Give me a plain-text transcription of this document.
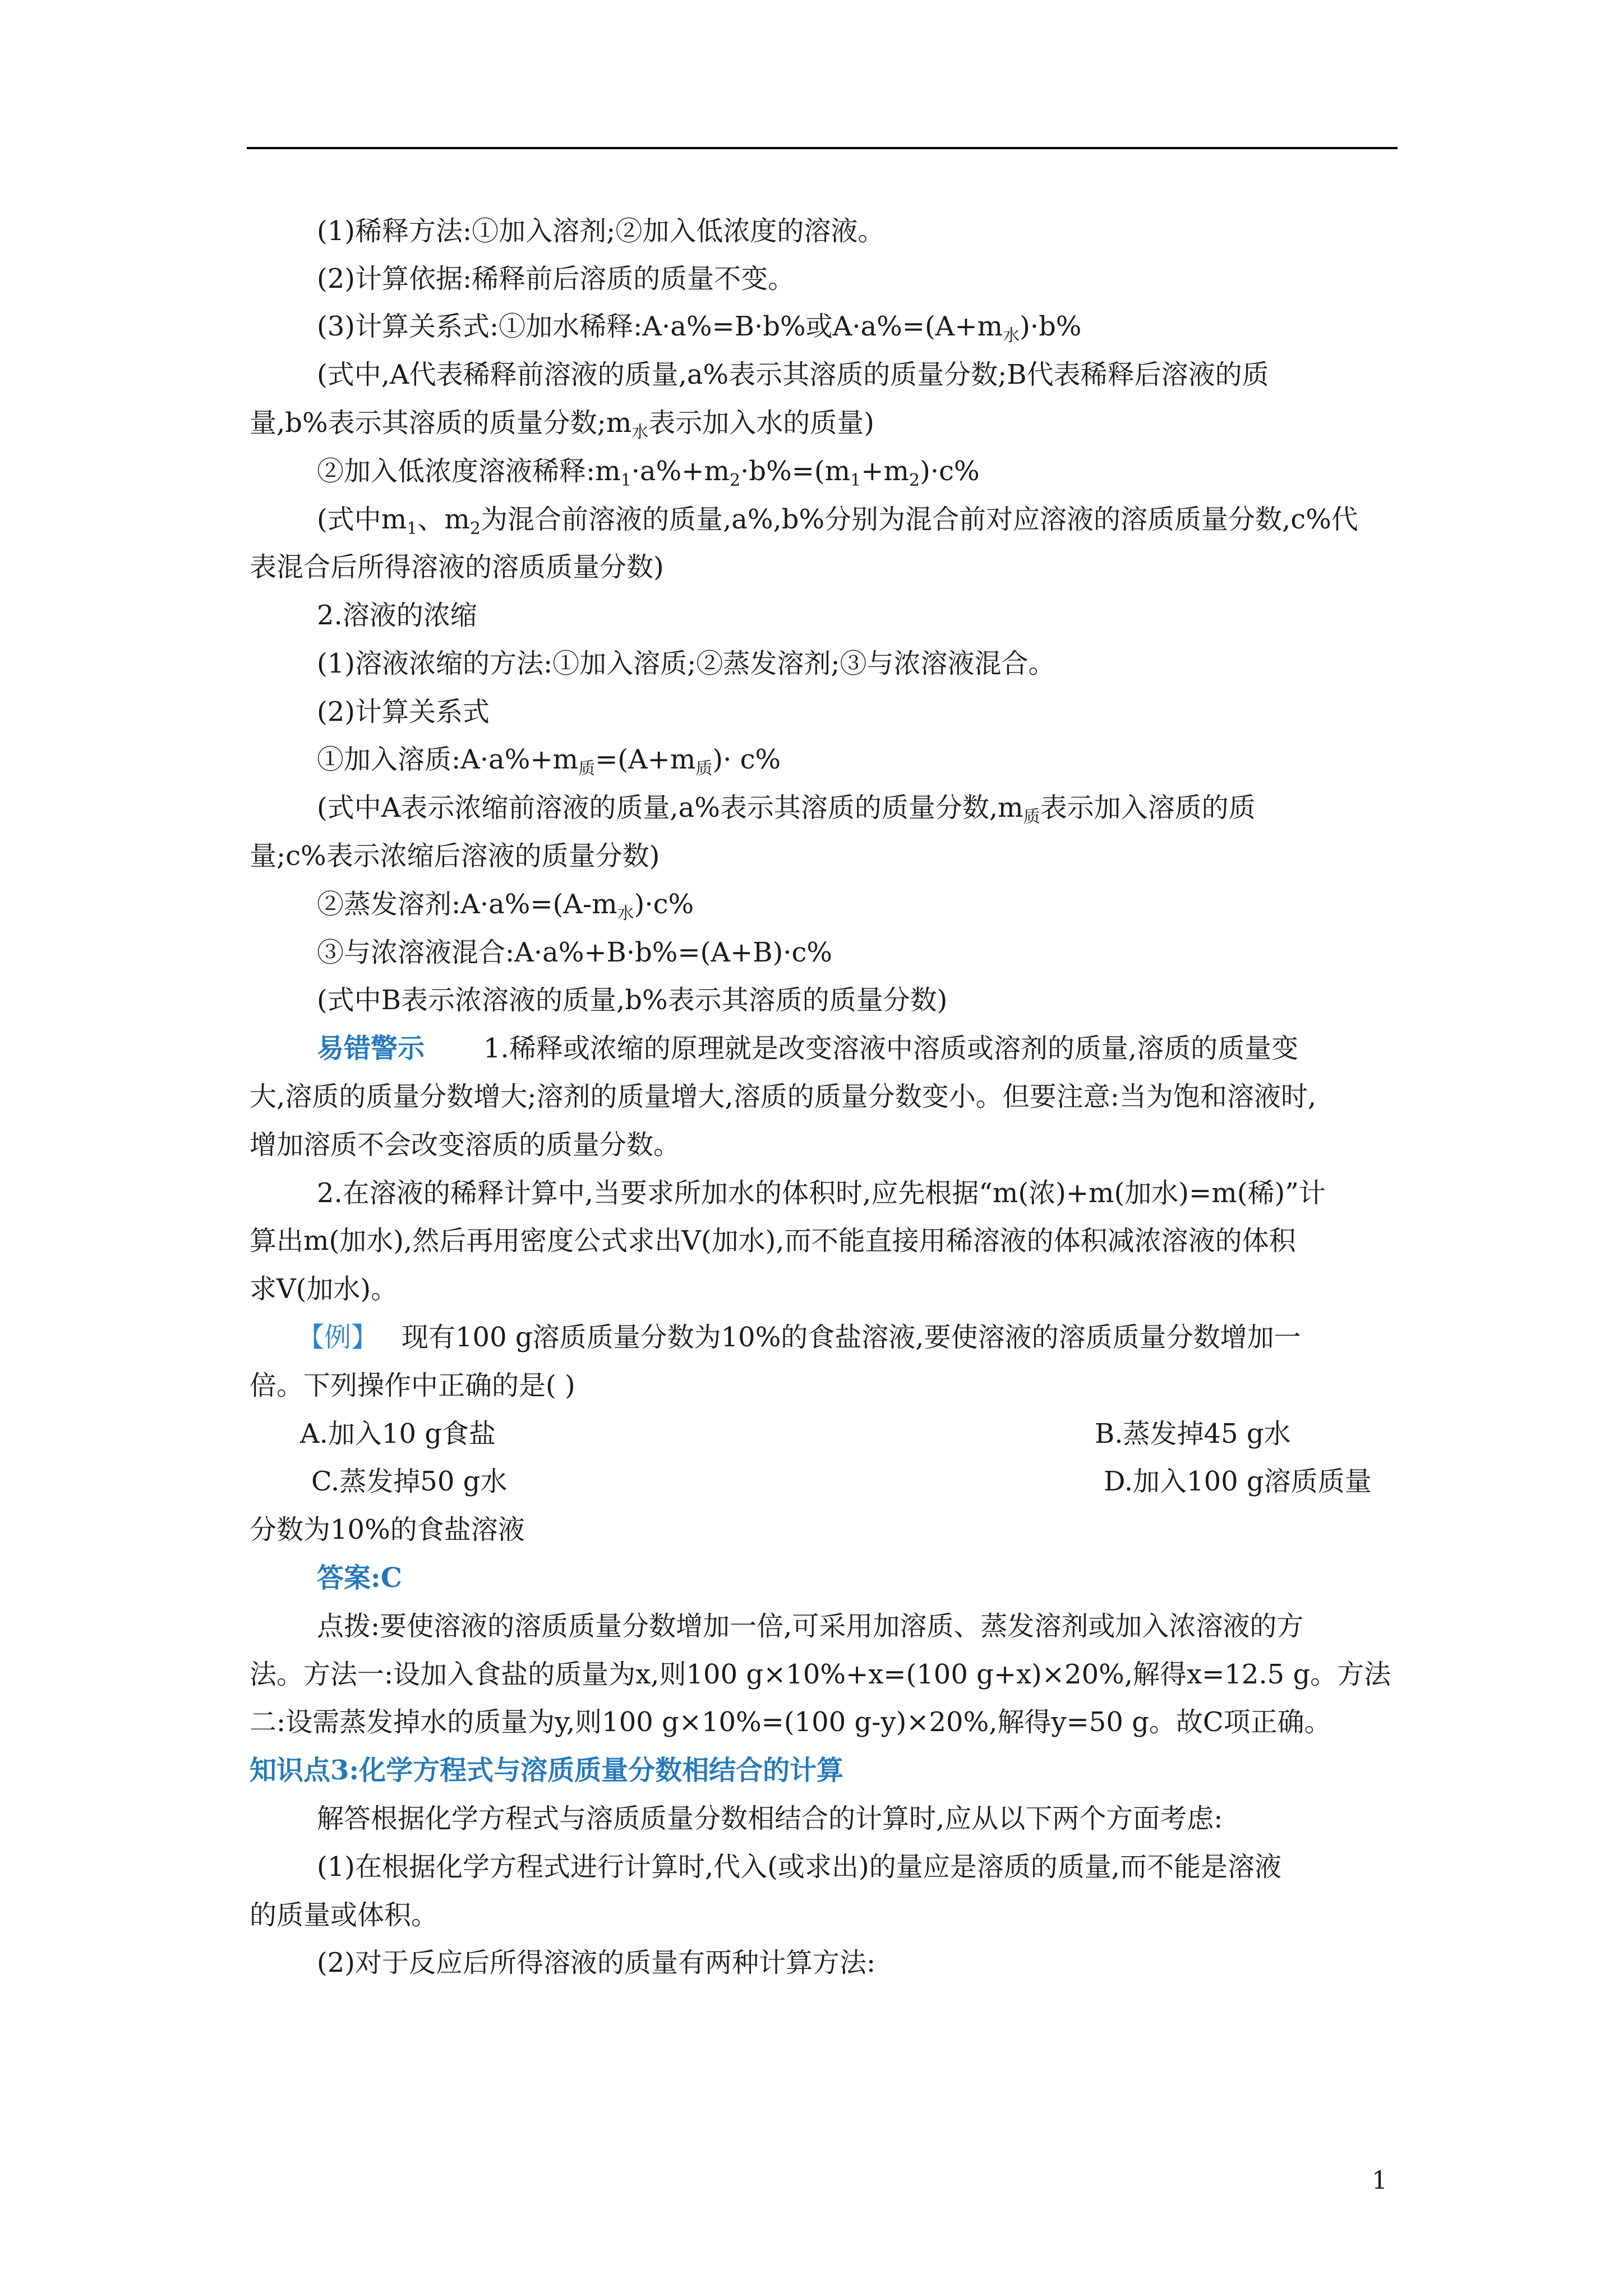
(1)稀释方法:①加入溶剂;②加入低浓度的溶液。
(2)计算依据:稀释前后溶质的质量不变。
(3)计算关系式:①加水稀释:A·a%=B·b%或$A\cdot a\%=(A+m_水)\cdot b\%$
(式中,A代表稀释前溶液的质量,a%表示其溶质的质量分数;B代表稀释后溶液的质
量,b%表示其溶质的质量分数$;m_水$表示加入水的质量)
②加入低浓度溶液稀释$:m_1\cdot a\%+m_2\cdot b\%=(m_1+m_2)\cdot c\%$
(式中$m_1$、$m_2$为混合前溶液的质量,a%,b%分别为混合前对应溶液的溶质质量分数,c%代
表混合后所得溶液的溶质质量分数)
2.溶液的浓缩
(1)溶液浓缩的方法:①加入溶质;②蒸发溶剂;③与浓溶液混合。
(2)计算关系式
①加入溶质$:A\cdot a\%+m_质=(A+m_质)\cdot c\%$
(式中A表示浓缩前溶液的质量,a%表示其溶质的质量分数$,m_质$表示加入溶质的质
量;c%表示浓缩后溶液的质量分数)
②蒸发溶剂$:A\cdot a\%=(A-m_水)\cdot c\%$
③与浓溶液混合:A·a%+B·b%=(A+B)·c%
(式中B表示浓溶液的质量,b%表示其溶质的质量分数)
易错警示 1.稀释或浓缩的原理就是改变溶液中溶质或溶剂的质量,溶质的质量变
大,溶质的质量分数增大;溶剂的质量增大,溶质的质量分数变小。但要注意:当为饱和溶液时,
增加溶质不会改变溶质的质量分数。
2.在溶液的稀释计算中,当要求所加水的体积时,应先根据“m(浓)+m(加水)=m(稀)”计
算出m(加水),然后再用密度公式求出V(加水),而不能直接用稀溶液的体积减浓溶液的体积
求V(加水)。
【例】 现有100 g溶质质量分数为10%的食盐溶液,要使溶液的溶质质量分数增加一
倍。下列操作中正确的是( )
A.加入10 g食盐	B.蒸发掉45 g水
C.蒸发掉50 g水	D.加入100 g溶质质量
分数为10%的食盐溶液
答案:C
点拨:要使溶液的溶质质量分数增加一倍,可采用加溶质、蒸发溶剂或加入浓溶液的方
法。方法一:设加入食盐的质量为x,则100 g×10%+x=(100 g+x)×20%,解得x=12.5 g。方法
二:设需蒸发掉水的质量为y,则100 g×10%=(100 g-y)×20%,解得y=50 g。故C项正确。
知识点3:化学方程式与溶质质量分数相结合的计算
解答根据化学方程式与溶质质量分数相结合的计算时,应从以下两个方面考虑:
(1)在根据化学方程式进行计算时,代入(或求出)的量应是溶质的质量,而不能是溶液
的质量或体积。
(2)对于反应后所得溶液的质量有两种计算方法:
1
